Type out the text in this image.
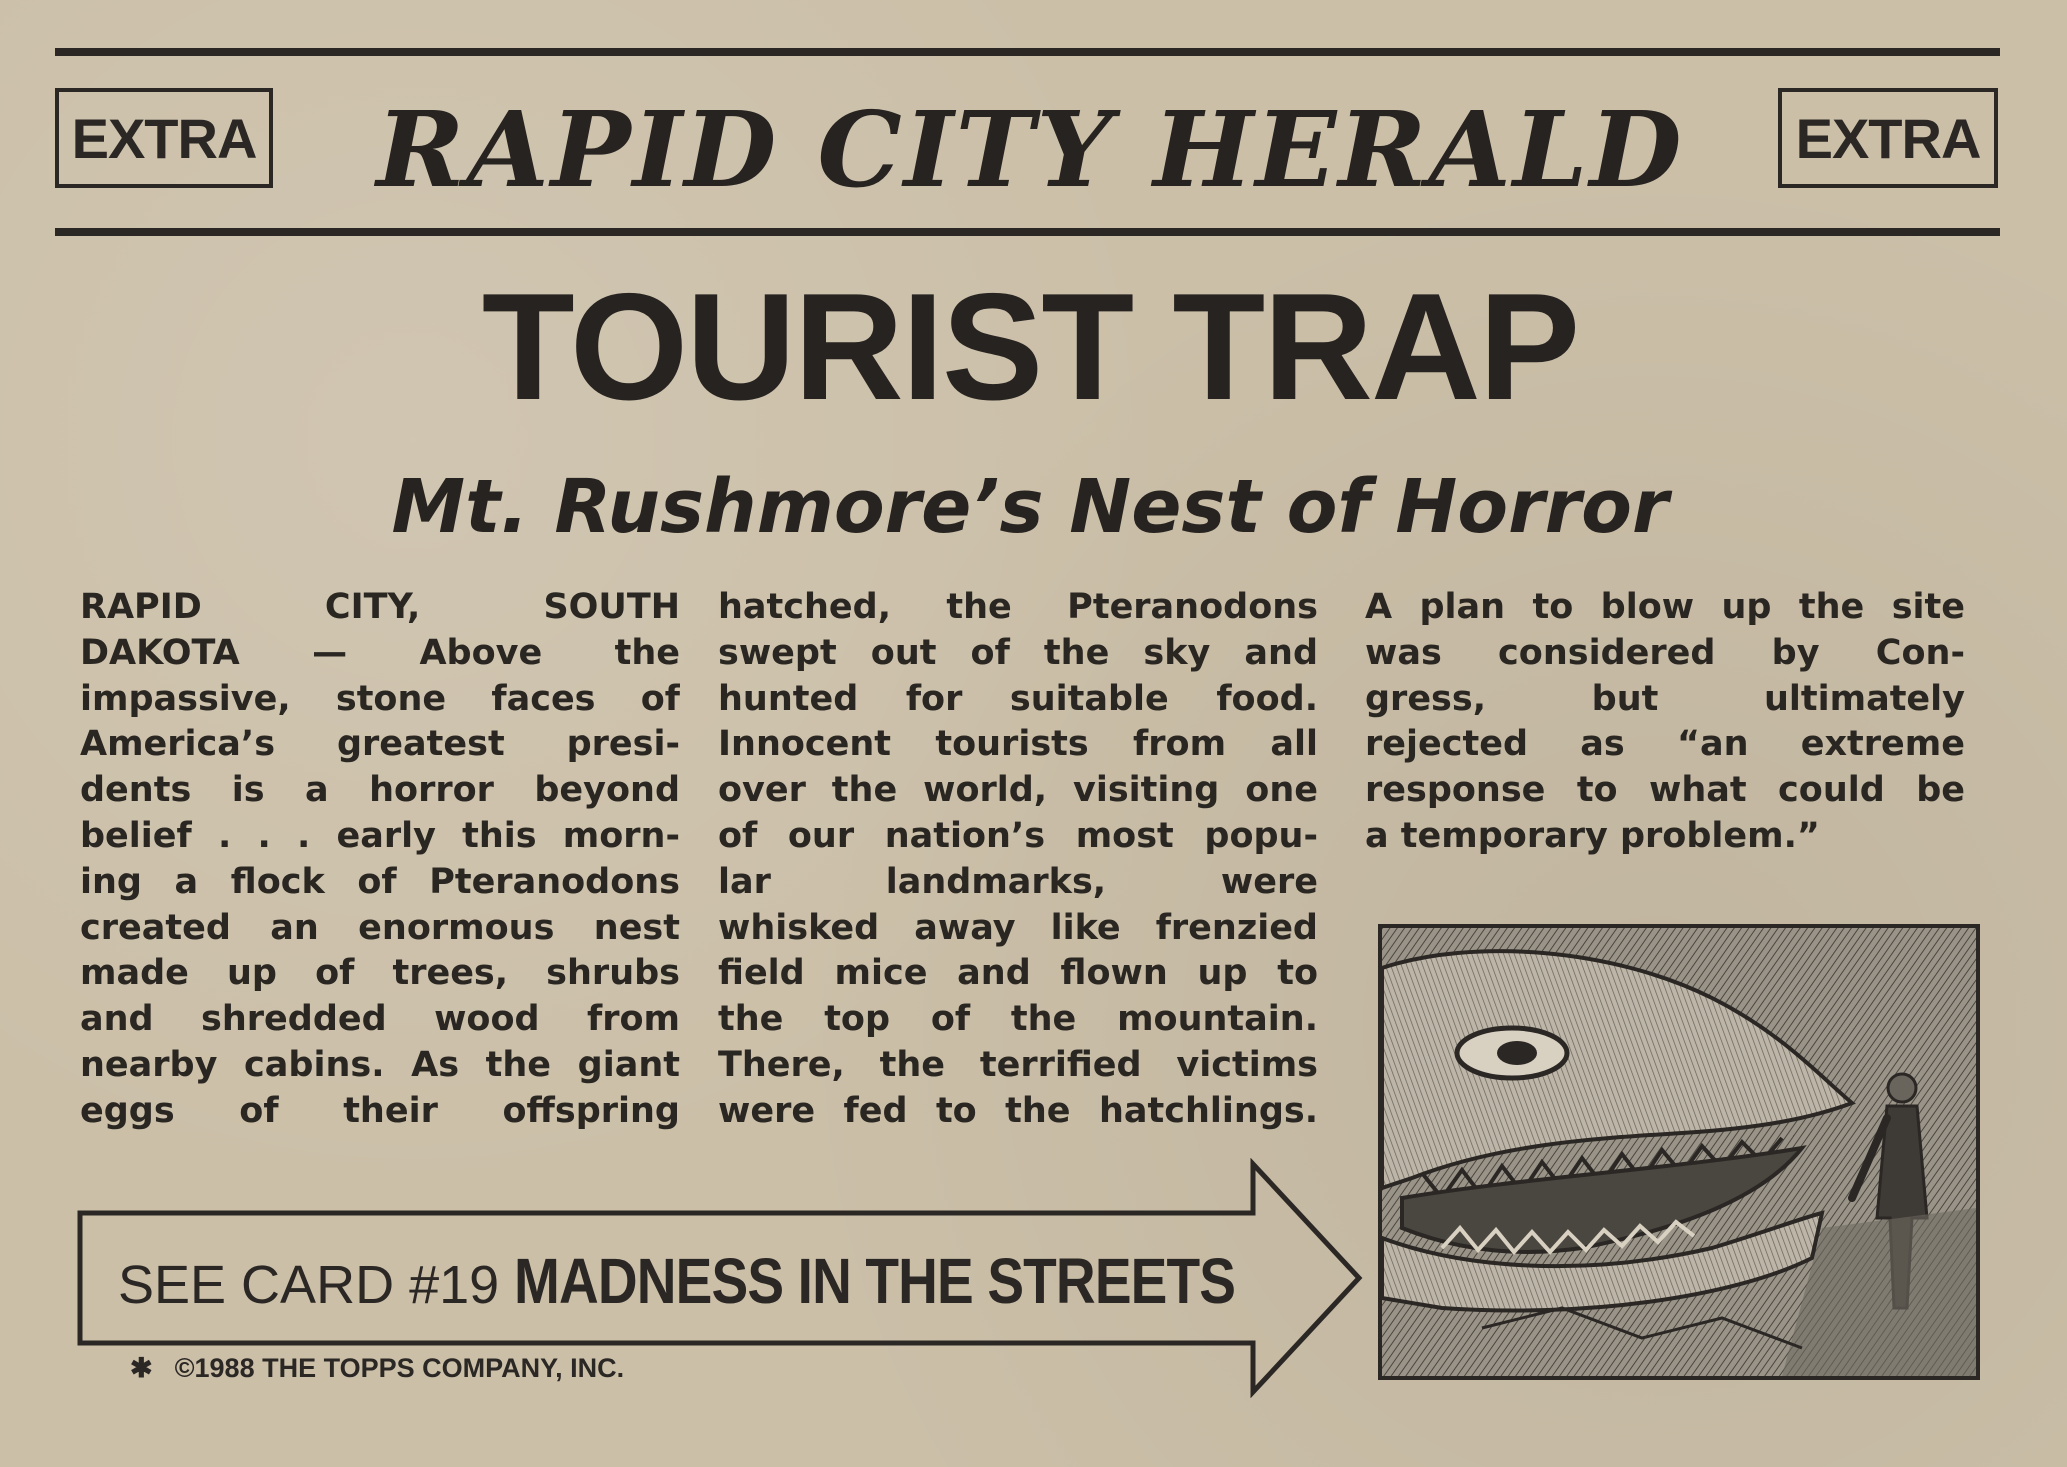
EXTRA	RAPID CITY HERALD	EXTRA
TOURIST TRAP
Mt. Rushmore’s Nest of Horror
RAPID CITY, SOUTH
DAKOTA — Above the
impassive, stone faces of
America’s greatest presi-
dents is a horror beyond
belief . . . early this morn-
ing a flock of Pteranodons
created an enormous nest
made up of trees, shrubs
and shredded wood from
nearby cabins. As the giant
eggs of their offspring
hatched, the Pteranodons
swept out of the sky and
hunted for suitable food.
Innocent tourists from all
over the world, visiting one
of our nation’s most popu-
lar landmarks, were
whisked away like frenzied
field mice and flown up to
the top of the mountain.
There, the terrified victims
were fed to the hatchlings.
A plan to blow up the site
was considered by Con-
gress, but ultimately
rejected as “an extreme
response to what could be
a temporary problem.”
SEE CARD #19 MADNESS IN THE STREETS
✱ ©1988 THE TOPPS COMPANY, INC.
